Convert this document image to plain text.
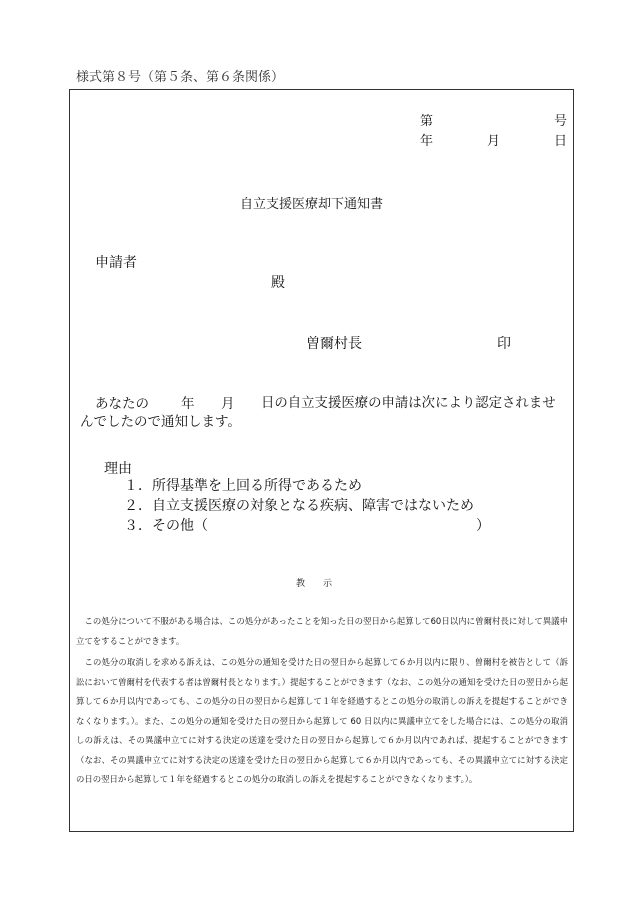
様式第８号（第５条、第６条関係）
第	号
年	月	日
自立支援医療却下通知書
申請者
殿
曽爾村長	印
あなたの 年 月 日の自立支援医療の申請は次により認定されませ
んでしたので通知します。
理由
１．所得基準を上回る所得であるため
２．自立支援医療の対象となる疾病、障害ではないため
３．その他（	）
教　　示

　この処分について不服がある場合は、この処分があったことを知った日の翌日から起算して60日以内に曽爾村長に対して異議申立てをすることができます。

　この処分の取消しを求める訴えは、この処分の通知を受けた日の翌日から起算して６か月以内に限り、曽爾村を被告として（訴訟において曽爾村を代表する者は曽爾村長となります。）提起することができます（なお、この処分の通知を受けた日の翌日から起算して６か月以内であっても、この処分の日の翌日から起算して１年を経過するとこの処分の取消しの訴えを提起することができなくなります。）。また、この処分の通知を受けた日の翌日から起算して 60 日以内に異議申立てをした場合には、この処分の取消しの訴えは、その異議申立てに対する決定の送達を受けた日の翌日から起算して６か月以内であれば、提起することができます（なお、その異議申立てに対する決定の送達を受けた日の翌日から起算して６か月以内であっても、その異議申立てに対する決定の日の翌日から起算して１年を経過するとこの処分の取消しの訴えを提起することができなくなります。）。
